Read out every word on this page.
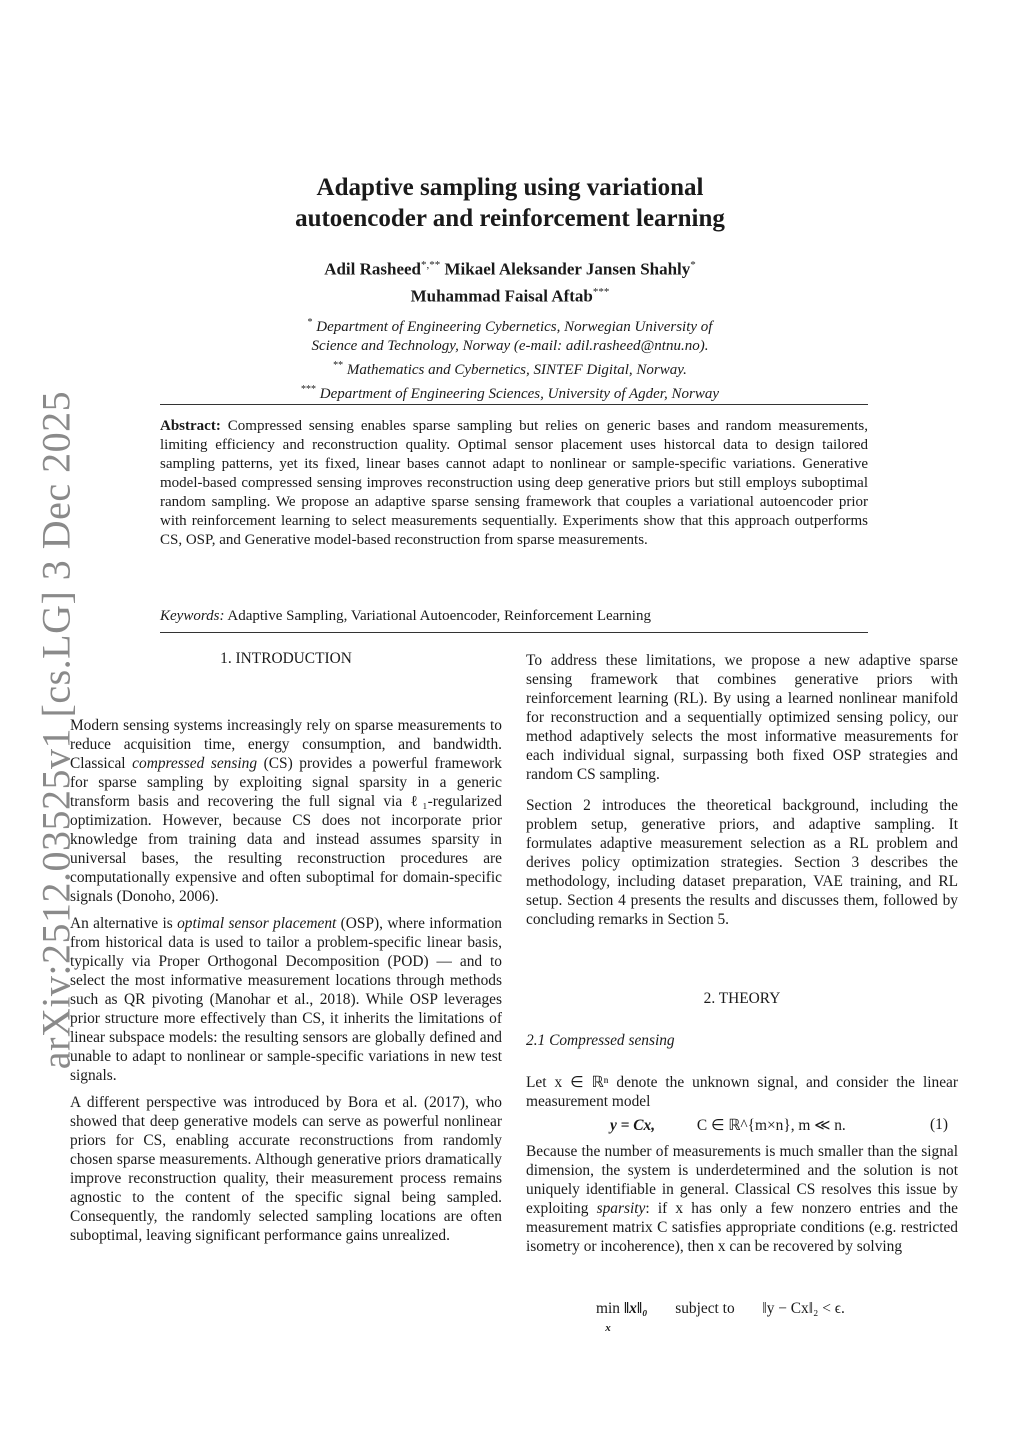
arXiv:2512.03525v1 [cs.LG] 3 Dec 2025
Adaptive sampling using variational
autoencoder and reinforcement learning
Adil Rasheed*,** Mikael Aleksander Jansen Shahly*
Muhammad Faisal Aftab***
* Department of Engineering Cybernetics, Norwegian University of
Science and Technology, Norway (e-mail: adil.rasheed@ntnu.no).
** Mathematics and Cybernetics, SINTEF Digital, Norway.
*** Department of Engineering Sciences, University of Agder, Norway
Abstract: Compressed sensing enables sparse sampling but relies on generic bases and random measurements, limiting efficiency and reconstruction quality. Optimal sensor placement uses historcal data to design tailored sampling patterns, yet its fixed, linear bases cannot adapt to nonlinear or sample-specific variations. Generative model-based compressed sensing improves reconstruction using deep generative priors but still employs suboptimal random sampling. We propose an adaptive sparse sensing framework that couples a variational autoencoder prior with reinforcement learning to select measurements sequentially. Experiments show that this approach outperforms CS, OSP, and Generative model-based reconstruction from sparse measurements.
Keywords: Adaptive Sampling, Variational Autoencoder, Reinforcement Learning
1. INTRODUCTION

Modern sensing systems increasingly rely on sparse measurements to reduce acquisition time, energy consumption, and bandwidth. Classical compressed sensing (CS) provides a powerful framework for sparse sampling by exploiting signal sparsity in a generic transform basis and recovering the full signal via ℓ₁-regularized optimization. However, because CS does not incorporate prior knowledge from training data and instead assumes sparsity in universal bases, the resulting reconstruction procedures are computationally expensive and often suboptimal for domain-specific signals (Donoho, 2006).

An alternative is optimal sensor placement (OSP), where information from historical data is used to tailor a problem-specific linear basis, typically via Proper Orthogonal Decomposition (POD) — and to select the most informative measurement locations through methods such as QR pivoting (Manohar et al., 2018). While OSP leverages prior structure more effectively than CS, it inherits the limitations of linear subspace models: the resulting sensors are globally defined and unable to adapt to nonlinear or sample-specific variations in new test signals.

A different perspective was introduced by Bora et al. (2017), who showed that deep generative models can serve as powerful nonlinear priors for CS, enabling accurate reconstructions from randomly chosen sparse measurements. Although generative priors dramatically improve reconstruction quality, their measurement process remains agnostic to the content of the specific signal being sampled. Consequently, the randomly selected sampling locations are often suboptimal, leaving significant performance gains unrealized.

To address these limitations, we propose a new adaptive sparse sensing framework that combines generative priors with reinforcement learning (RL). By using a learned nonlinear manifold for reconstruction and a sequentially optimized sensing policy, our method adaptively selects the most informative measurements for each individual signal, surpassing both fixed OSP strategies and random CS sampling.

Section 2 introduces the theoretical background, including the problem setup, generative priors, and adaptive sampling. It formulates adaptive measurement selection as a RL problem and derives policy optimization strategies. Section 3 describes the methodology, including dataset preparation, VAE training, and RL setup. Section 4 presents the results and discusses them, followed by concluding remarks in Section 5.

2. THEORY
2.1 Compressed sensing
Let x ∈ ℝⁿ denote the unknown signal, and consider the linear measurement model
y = Cx,	C ∈ ℝ^{m×n}, m ≪ n.	(1)
Because the number of measurements is much smaller than the signal dimension, the system is underdetermined and the solution is not uniquely identifiable in general. Classical CS resolves this issue by exploiting sparsity: if x has only a few nonzero entries and the measurement matrix C satisfies appropriate conditions (e.g. restricted isometry or incoherence), then x can be recovered by solving
min
x ‖x‖₀ subject to ‖y − Cx‖₂ < ϵ.
